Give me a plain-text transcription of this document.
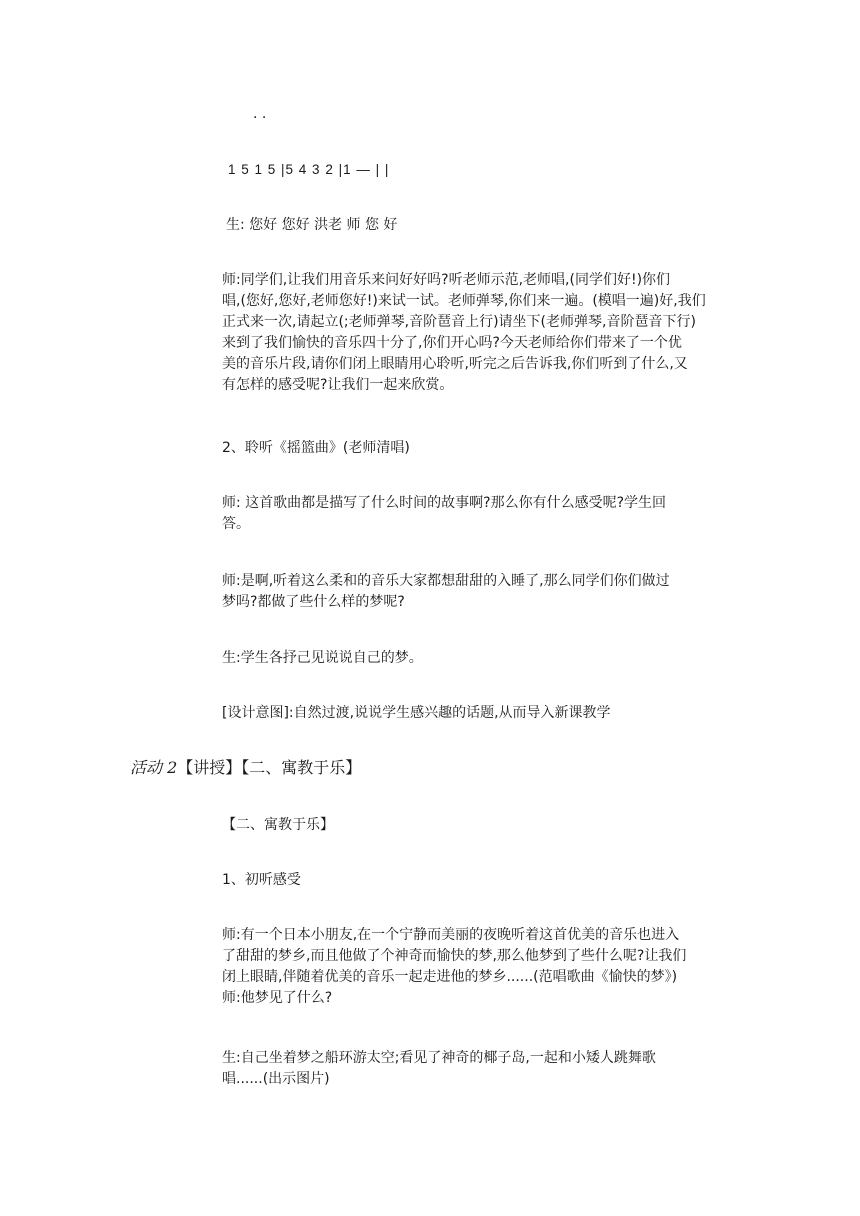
· ·

1 5 1 5 |5 4 3 2 |1 — | |

生: 您好 您好 洪老 师 您 好

师:同学们,让我们用音乐来问好好吗?听老师示范,老师唱,(同学们好!)你们
唱,(您好,您好,老师您好!)来试一试。老师弹琴,你们来一遍。(模唱一遍)好,我们
正式来一次,请起立(;老师弹琴,音阶琶音上行)请坐下(老师弹琴,音阶琶音下行)
来到了我们愉快的音乐四十分了,你们开心吗?今天老师给你们带来了一个优
美的音乐片段,请你们闭上眼睛用心聆听,听完之后告诉我,你们听到了什么,又
有怎样的感受呢?让我们一起来欣赏。

2、聆听《摇篮曲》(老师清唱)

师: 这首歌曲都是描写了什么时间的故事啊?那么你有什么感受呢?学生回
答。
师:是啊,听着这么柔和的音乐大家都想甜甜的入睡了,那么同学们你们做过
梦吗?都做了些什么样的梦呢?

生:学生各抒己见说说自己的梦。

[设计意图]:自然过渡,说说学生感兴趣的话题,从而导入新课教学

活动 2【讲授】【二、寓教于乐】

【二、寓教于乐】

1、初听感受

师:有一个日本小朋友,在一个宁静而美丽的夜晚听着这首优美的音乐也进入
了甜甜的梦乡,而且他做了个神奇而愉快的梦,那么他梦到了些什么呢?让我们
闭上眼睛,伴随着优美的音乐一起走进他的梦乡......(范唱歌曲《愉快的梦》)
师:他梦见了什么?
生:自己坐着梦之船环游太空;看见了神奇的椰子岛,一起和小矮人跳舞歌
唱......(出示图片)
